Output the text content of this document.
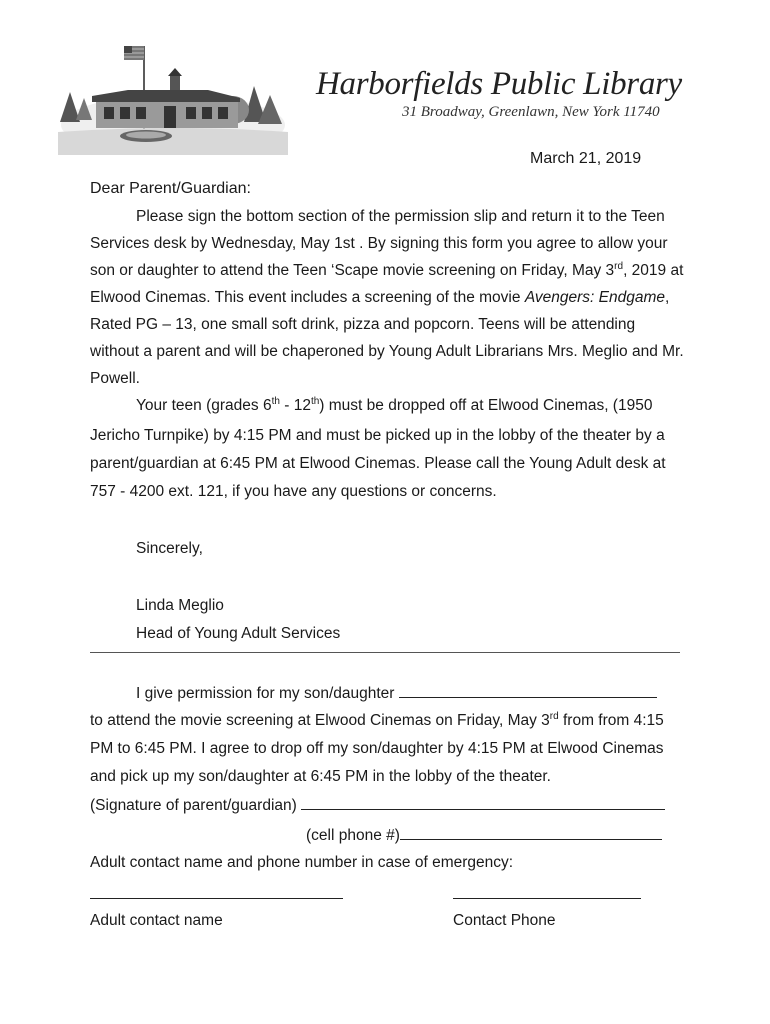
Harborfields Public Library
31 Broadway, Greenlawn, New York 11740
March 21, 2019
Dear Parent/Guardian:
Please sign the bottom section of the permission slip and return it to the Teen
Services desk by Wednesday, May 1st . By signing this form you agree to allow your
son or daughter to attend the Teen ‘Scape movie screening on Friday, May 3rd, 2019 at
Elwood Cinemas. This event includes a screening of the movie Avengers: Endgame,
Rated PG – 13, one small soft drink, pizza and popcorn. Teens will be attending
without a parent and will be chaperoned by Young Adult Librarians Mrs. Meglio and Mr.
Powell.
Your teen (grades 6th - 12th) must be dropped off at Elwood Cinemas, (1950
Jericho Turnpike) by 4:15 PM and must be picked up in the lobby of the theater by a
parent/guardian at 6:45 PM at Elwood Cinemas. Please call the Young Adult desk at
757 - 4200 ext. 121, if you have any questions or concerns.
Sincerely,
Linda Meglio
Head of Young Adult Services
I give permission for my son/daughter
to attend the movie screening at Elwood Cinemas on Friday, May 3rd from from 4:15
PM to 6:45 PM. I agree to drop off my son/daughter by 4:15 PM at Elwood Cinemas
and pick up my son/daughter at 6:45 PM in the lobby of the theater.
(Signature of parent/guardian)
(cell phone #)
Adult contact name and phone number in case of emergency:
Adult contact name	Contact Phone
